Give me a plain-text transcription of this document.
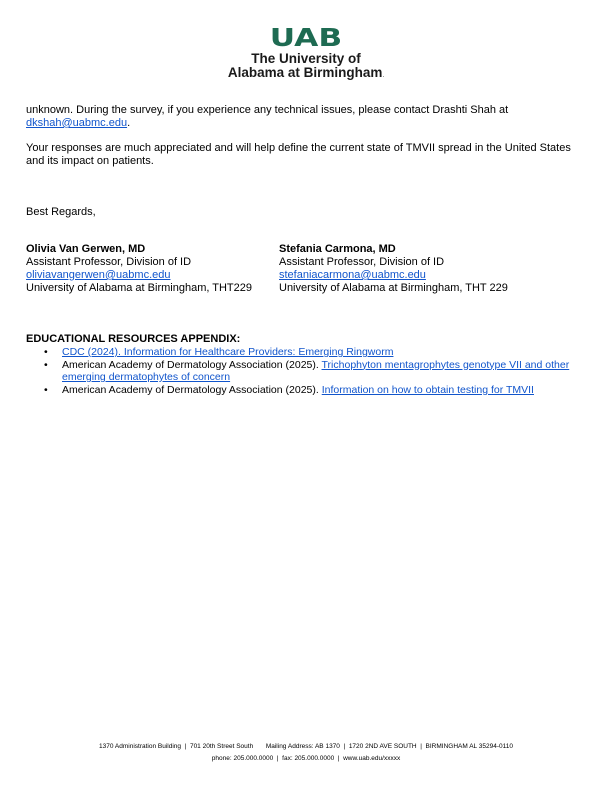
UAB
The University of
Alabama at Birmingham.
unknown. During the survey, if you experience any technical issues, please contact Drashti Shah at
dkshah@uabmc.edu.
Your responses are much appreciated and will help define the current state of TMVII spread in the United States and its impact on patients.
Best Regards,
Olivia Van Gerwen, MD
Assistant Professor, Division of ID
oliviavangerwen@uabmc.edu
University of Alabama at Birmingham, THT229
Stefania Carmona, MD
Assistant Professor, Division of ID
stefaniacarmona@uabmc.edu
University of Alabama at Birmingham, THT 229
EDUCATIONAL RESOURCES APPENDIX:
• CDC (2024). Information for Healthcare Providers: Emerging Ringworm
• American Academy of Dermatology Association (2025). Trichophyton mentagrophytes genotype VII and other emerging dermatophytes of concern
• American Academy of Dermatology Association (2025). Information on how to obtain testing for TMVII
1370 Administration Building  |  701 20th Street South       Mailing Address: AB 1370  |  1720 2ND AVE SOUTH  |  BIRMINGHAM AL 35294-0110
phone: 205.000.0000  |  fax: 205.000.0000  |  www.uab.edu/xxxxx
